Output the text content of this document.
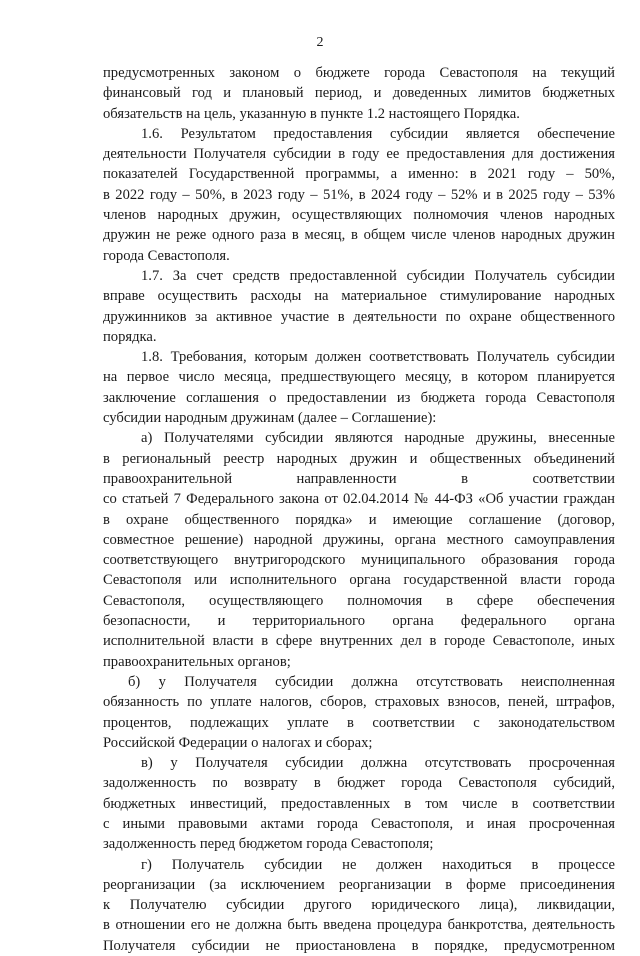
2

предусмотренных законом о бюджете города Севастополя на текущий

финансовый год и плановый период, и доведенных лимитов бюджетных

обязательств на цель, указанную в пункте 1.2 настоящего Порядка.

1.6. Результатом предоставления субсидии является обеспечение

деятельности Получателя субсидии в году ее предоставления для достижения

показателей Государственной программы, а именно: в 2021 году – 50%,

в 2022 году – 50%, в 2023 году – 51%, в 2024 году – 52% и в 2025 году – 53%

членов народных дружин, осуществляющих полномочия членов народных

дружин не реже одного раза в месяц, в общем числе членов народных дружин

города Севастополя.

1.7. За счет средств предоставленной субсидии Получатель субсидии

вправе осуществить расходы на материальное стимулирование народных

дружинников за активное участие в деятельности по охране общественного

порядка.

1.8. Требования, которым должен соответствовать Получатель субсидии

на первое число месяца, предшествующего месяцу, в котором планируется

заключение соглашения о предоставлении из бюджета города Севастополя

субсидии народным дружинам (далее – Соглашение):

а) Получателями субсидии являются народные дружины, внесенные

в региональный реестр народных дружин и общественных объединений

правоохранительной направленности в соответствии

со статьей 7 Федерального закона от 02.04.2014 № 44-ФЗ «Об участии граждан

в охране общественного порядка» и имеющие соглашение (договор,

совместное решение) народной дружины, органа местного самоуправления

соответствующего внутригородского муниципального образования города

Севастополя или исполнительного органа государственной власти города

Севастополя, осуществляющего полномочия в сфере обеспечения

безопасности, и территориального органа федерального органа

исполнительной власти в сфере внутренних дел в городе Севастополе, иных

правоохранительных органов;

б) у Получателя субсидии должна отсутствовать неисполненная

обязанность по уплате налогов, сборов, страховых взносов, пеней, штрафов,

процентов, подлежащих уплате в соответствии с законодательством

Российской Федерации о налогах и сборах;

в) у Получателя субсидии должна отсутствовать просроченная

задолженность по возврату в бюджет города Севастополя субсидий,

бюджетных инвестиций, предоставленных в том числе в соответствии

с иными правовыми актами города Севастополя, и иная просроченная

задолженность перед бюджетом города Севастополя;

г) Получатель субсидии не должен находиться в процессе

реорганизации (за исключением реорганизации в форме присоединения

к Получателю субсидии другого юридического лица), ликвидации,

в отношении его не должна быть введена процедура банкротства, деятельность

Получателя субсидии не приостановлена в порядке, предусмотренном
